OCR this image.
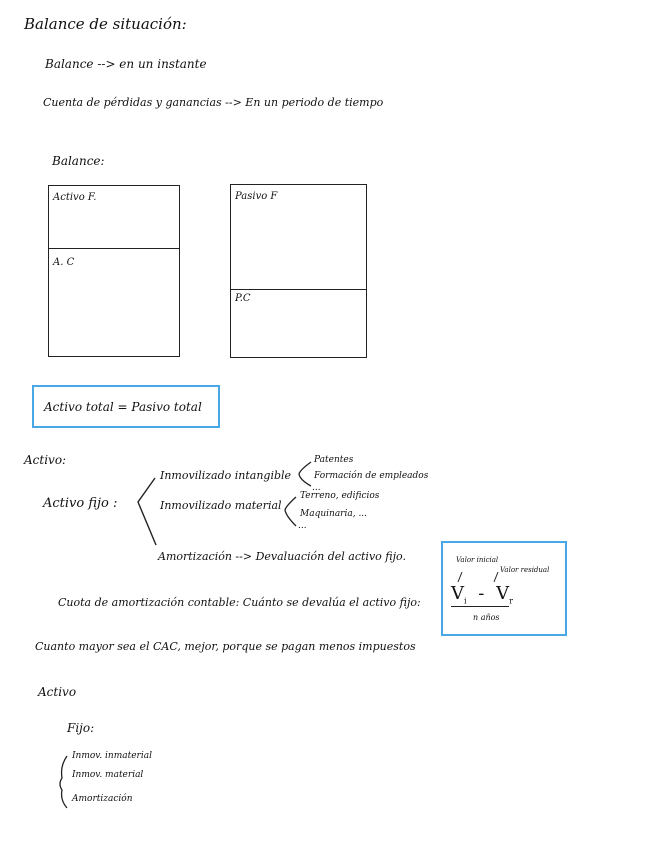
Balance de situación:
Balance --> en un instante
Cuenta de pérdidas y ganancias --> En un periodo de tiempo
Balance:
Activo F.
A. C
Pasivo F
P.C
Activo total = Pasivo total
Activo:
Activo fijo :
Inmovilizado intangible
Patentes
Formación de empleados
...
Inmovilizado material
Terreno, edificios
Maquinaria, ...
...
Amortización --> Devaluación del activo fijo.
Cuota de amortización contable: Cuánto se devalúa el activo fijo:
Valor inicial
Valor residual
$V_i - V_r$
n años
Cuanto mayor sea el CAC, mejor, porque se pagan menos impuestos
Activo
Fijo:
Inmov. inmaterial
Inmov. material
Amortización
